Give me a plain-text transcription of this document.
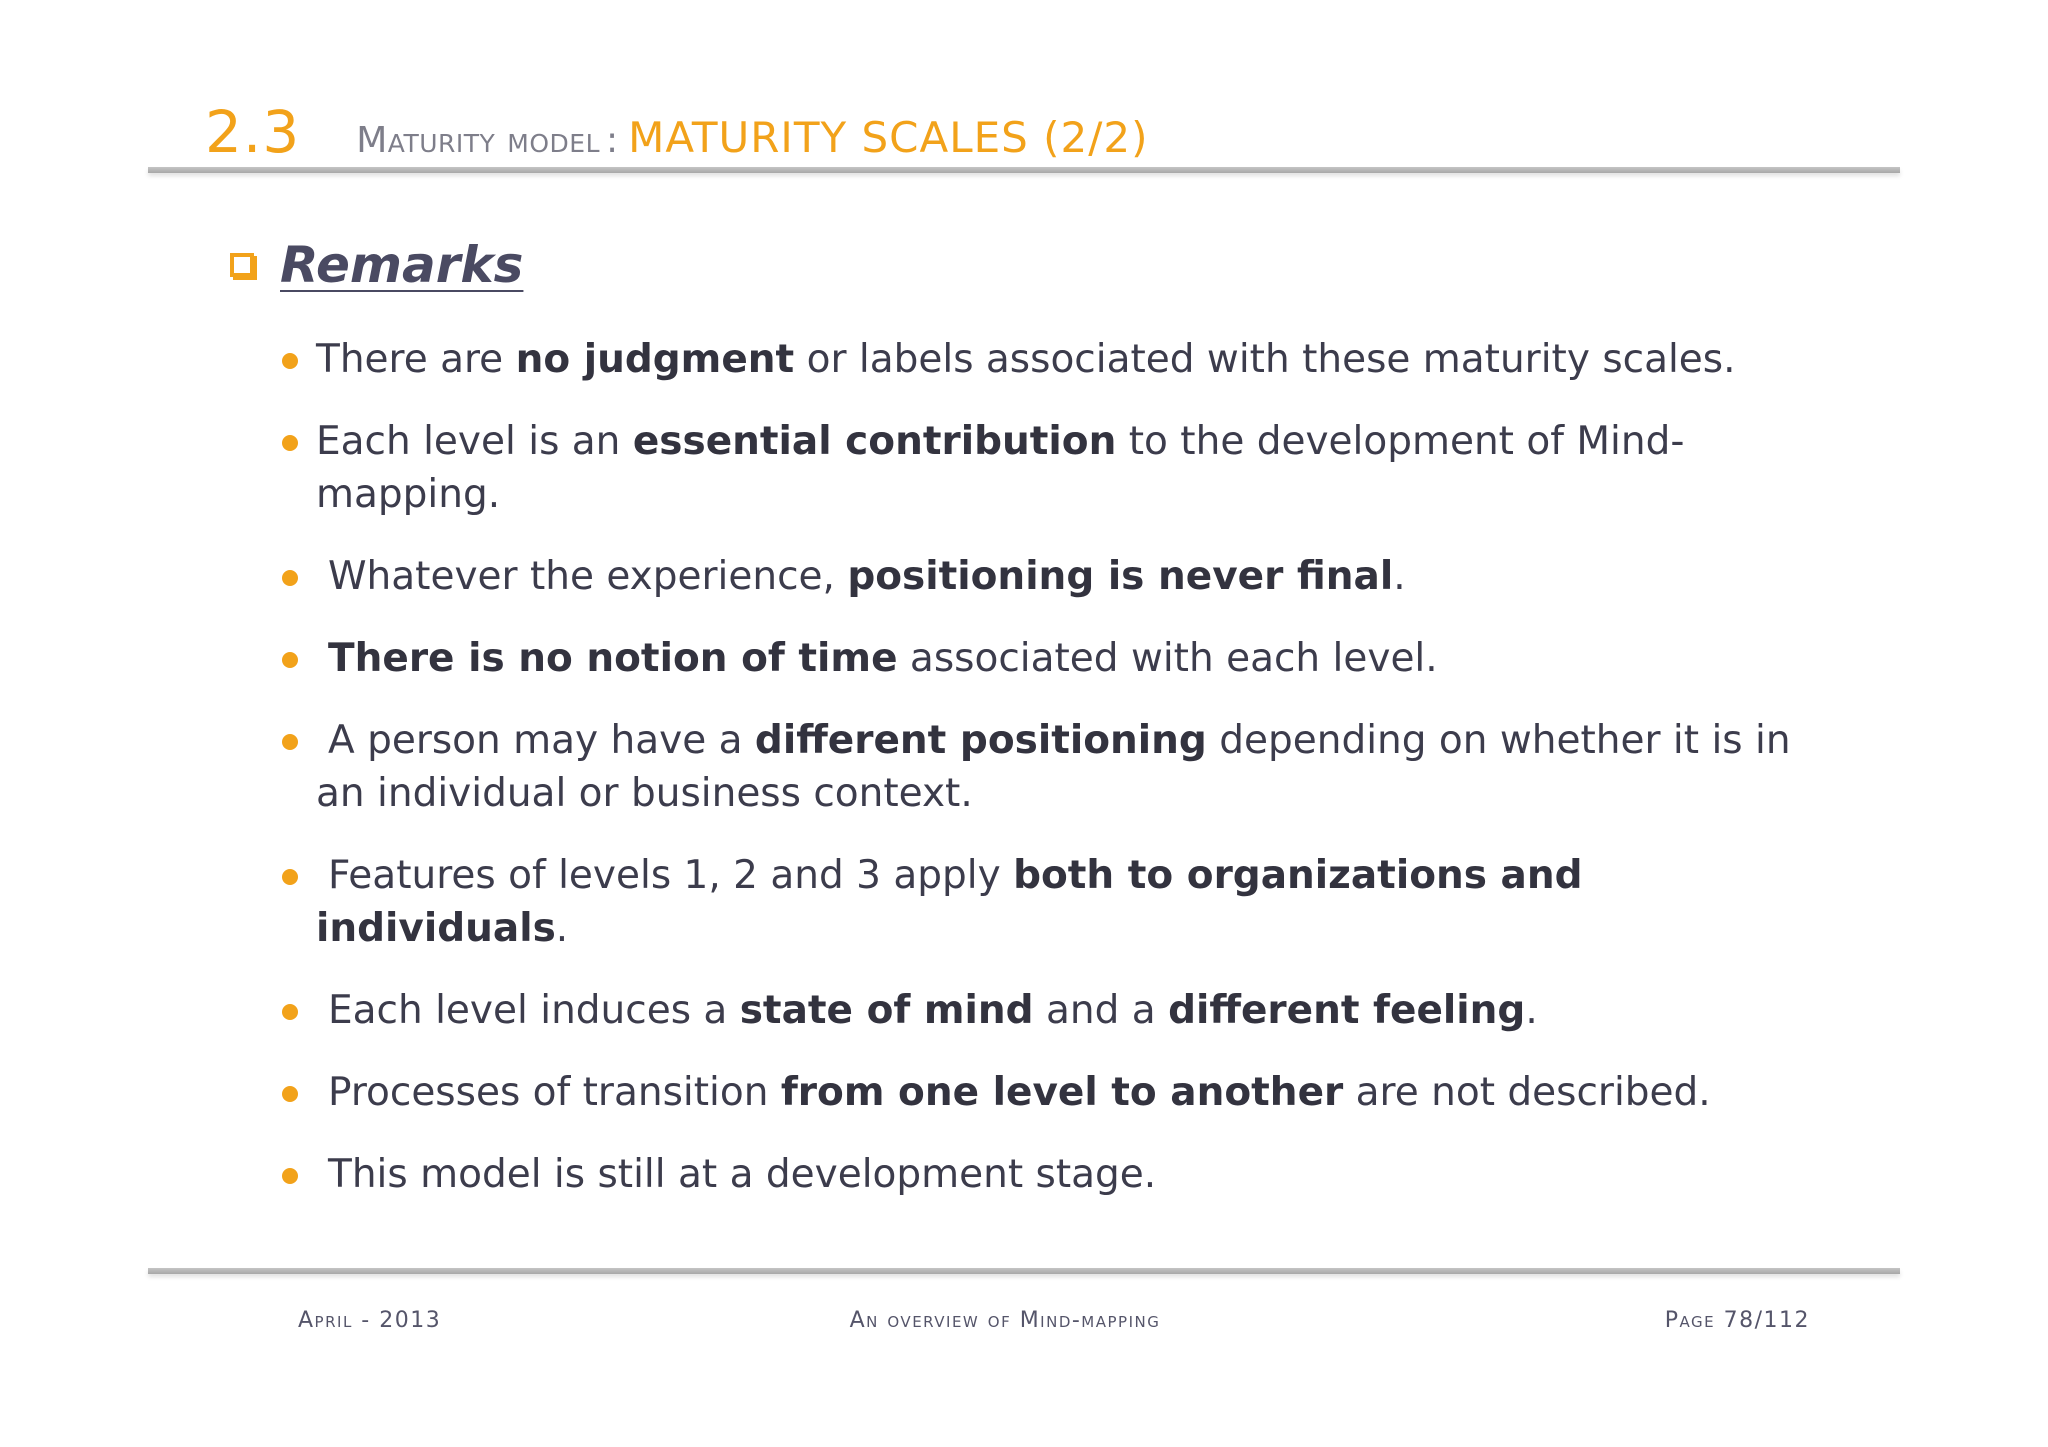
2.3 Maturity model : MATURITY SCALES (2/2)
Remarks
There are no judgment or labels associated with these maturity scales.
Each level is an essential contribution to the development of Mind-mapping.
Whatever the experience, positioning is never final.
There is no notion of time associated with each level.
A person may have a different positioning depending on whether it is in an individual or business context.
Features of levels 1, 2 and 3 apply both to organizations and individuals.
Each level induces a state of mind and a different feeling.
Processes of transition from one level to another are not described.
This model is still at a development stage.
April - 2013	An overview of Mind-mapping	Page 78/112
